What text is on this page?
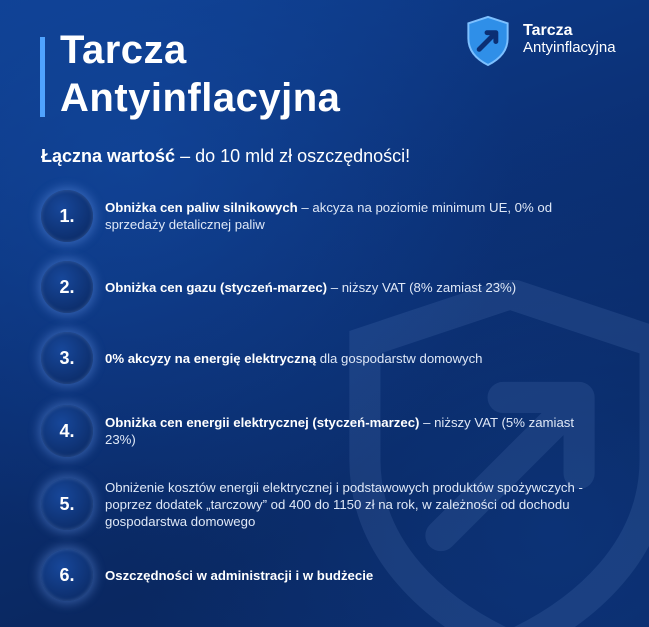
Tarcza
Antyinflacyjna
Tarcza
Antyinflacyjna
Łączna wartość – do 10 mld zł oszczędności!
1.	Obniżka cen paliw silnikowych – akcyza na poziomie minimum UE, 0% od sprzedaży detalicznej paliw
2.	Obniżka cen gazu (styczeń-marzec) – niższy VAT (8% zamiast 23%)
3.	0% akcyzy na energię elektryczną dla gospodarstw domowych
4.	Obniżka cen energii elektrycznej (styczeń-marzec) – niższy VAT (5% zamiast 23%)
5.
Obniżenie kosztów energii elektrycznej i podstawowych produktów spożywczych - poprzez dodatek „tarczowy” od 400 do 1150 zł na rok, w zależności od dochodu gospodarstwa domowego
6.	Oszczędności w administracji i w budżecie
